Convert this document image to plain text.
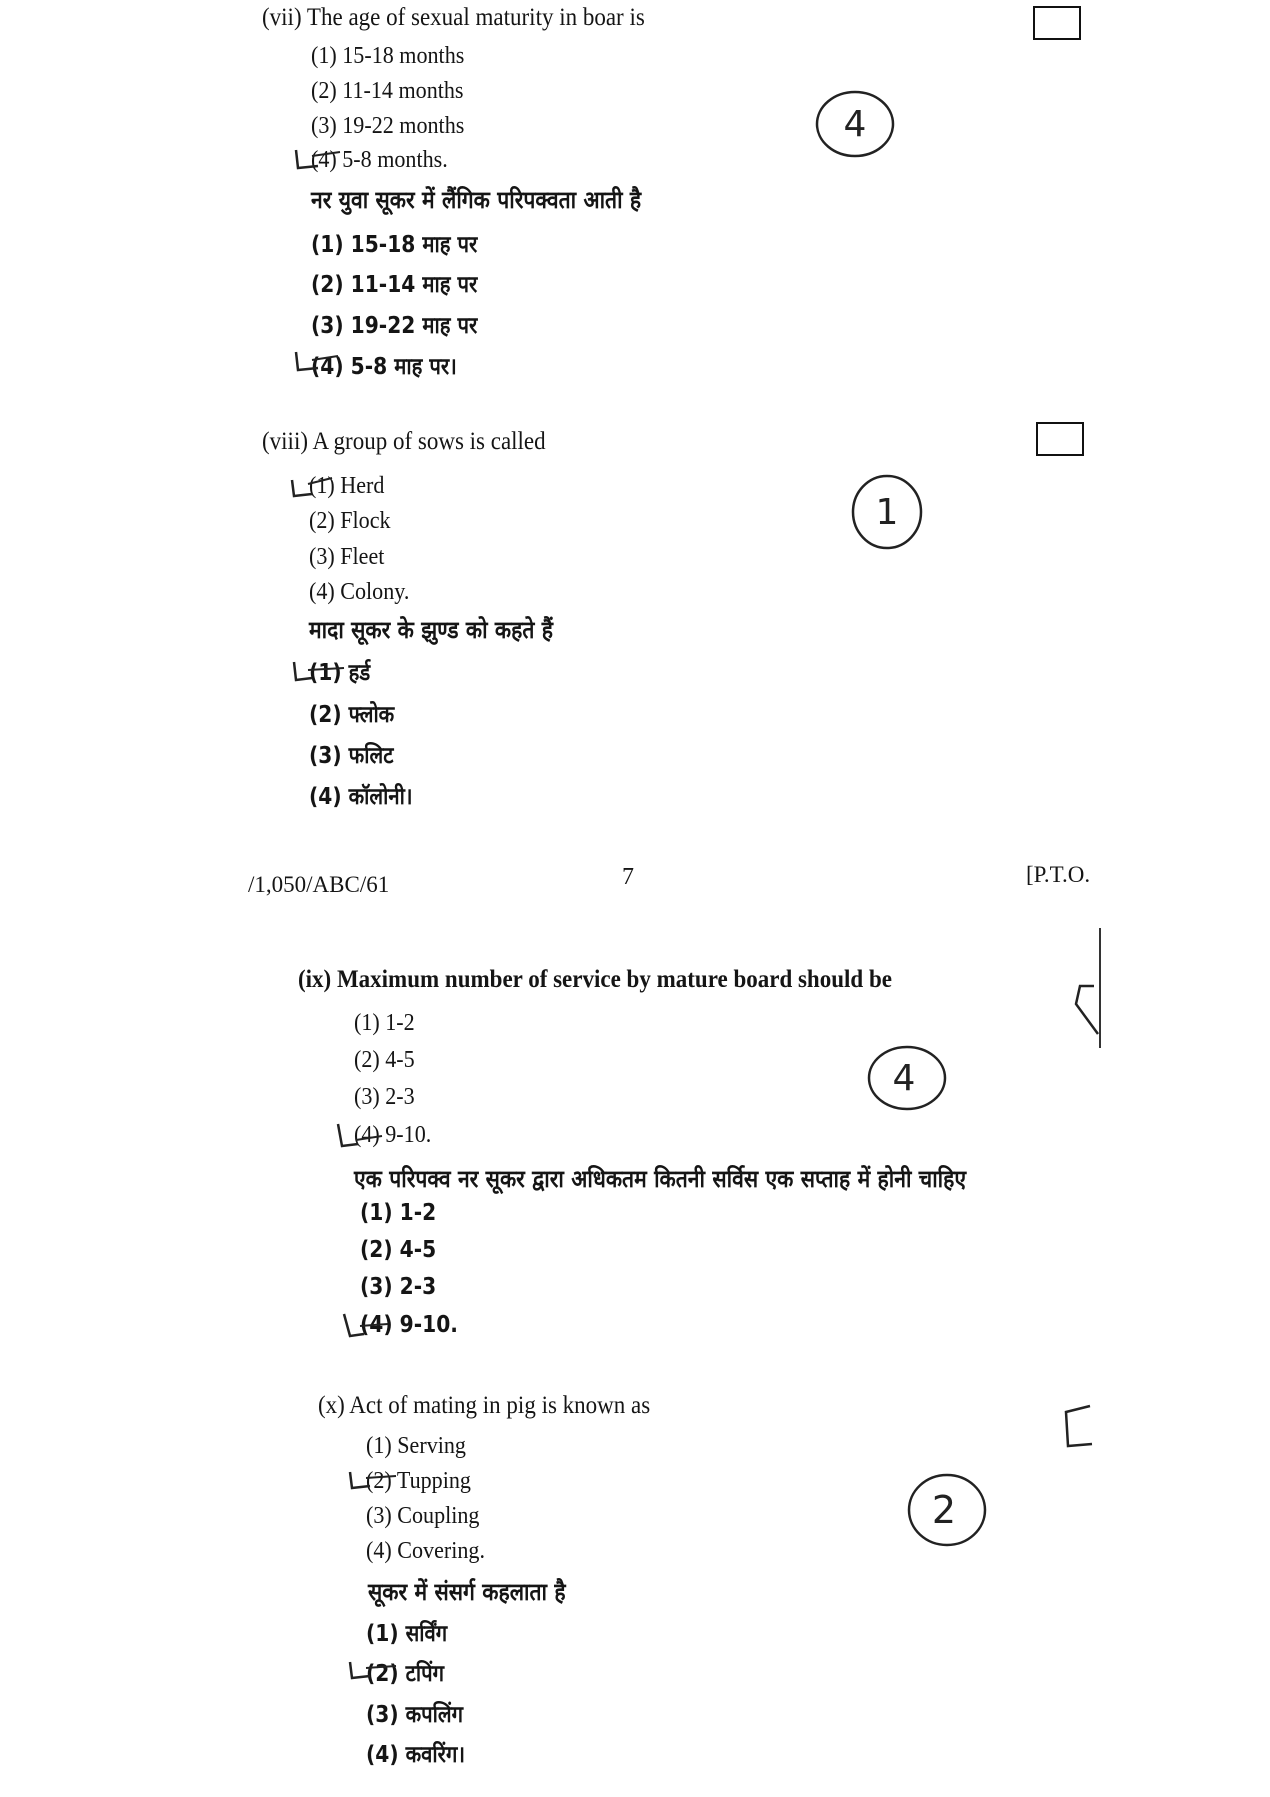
(vii) The age of sexual maturity in boar is
(1) 15-18 months
(2) 11-14 months
(3) 19-22 months
(4) 5-8 months.
नर युवा सूकर में लैंगिक परिपक्वता आती है
(1) 15-18 माह पर
(2) 11-14 माह पर
(3) 19-22 माह पर
(4) 5-8 माह पर।
4
(viii) A group of sows is called
(1) Herd
(2) Flock
(3) Fleet
(4) Colony.
मादा सूकर के झुण्ड को कहते हैं
(1) हर्ड
(2) फ्लोक
(3) फलिट
(4) कॉलोनी।
1
/1,050/ABC/61	7	[P.T.O.
(ix) Maximum number of service by mature board should be
(1) 1-2
(2) 4-5
(3) 2-3
(4) 9-10.
एक परिपक्व नर सूकर द्वारा अधिकतम कितनी सर्विस एक सप्ताह में होनी चाहिए
(1) 1-2
(2) 4-5
(3) 2-3
(4) 9-10.
4
(x) Act of mating in pig is known as
(1) Serving
(2) Tupping
(3) Coupling
(4) Covering.
सूकर में संसर्ग कहलाता है
(1) सर्विंग
(2) टपिंग
(3) कपलिंग
(4) कवरिंग।
2
